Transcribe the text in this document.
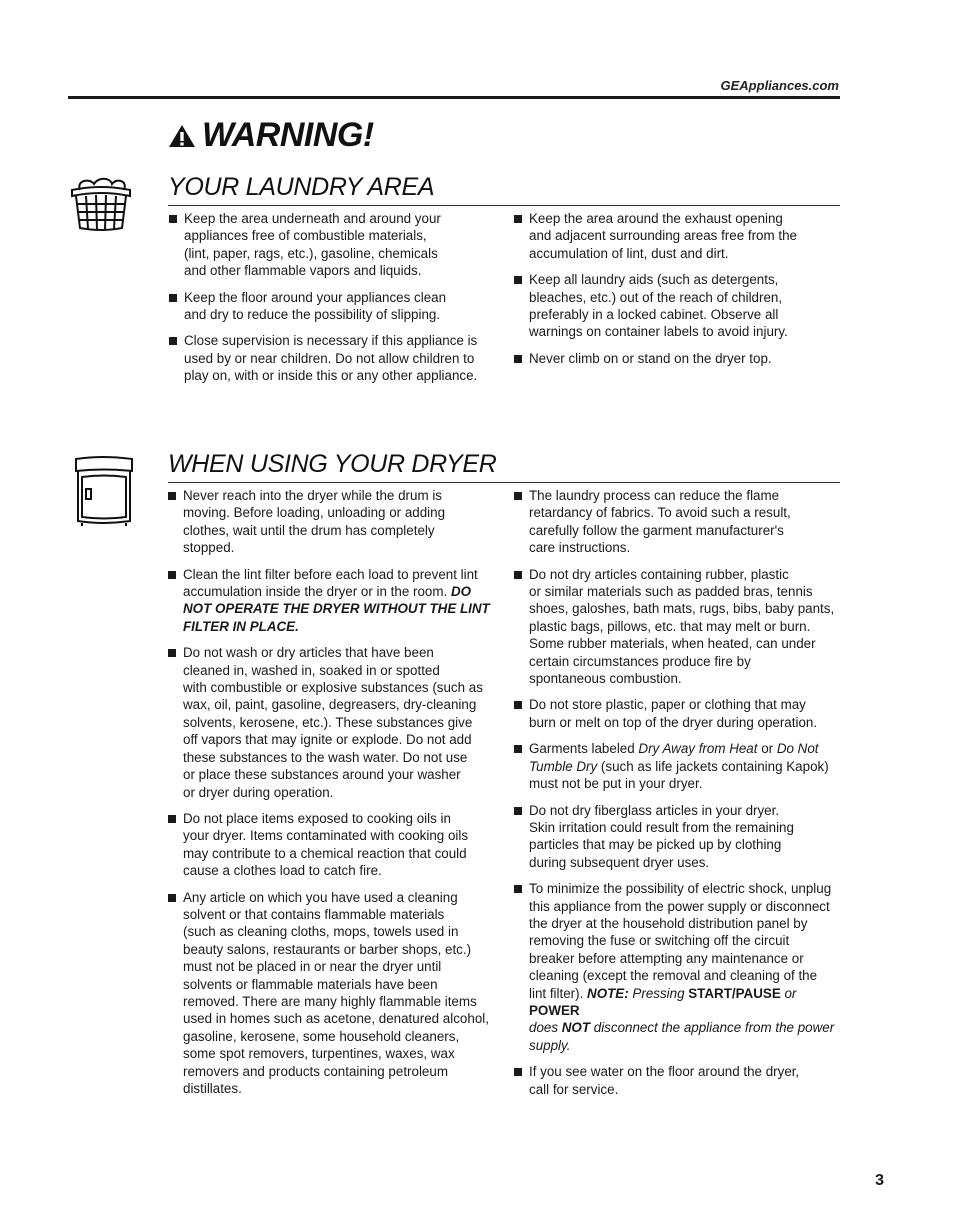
GEAppliances.com
WARNING!
YOUR LAUNDRY AREA
Keep the area underneath and around your
appliances free of combustible materials,
(lint, paper, rags, etc.), gasoline, chemicals
and other flammable vapors and liquids.
Keep the floor around your appliances clean
and dry to reduce the possibility of slipping.
Close supervision is necessary if this appliance is
used by or near children. Do not allow children to
play on, with or inside this or any other appliance.
Keep the area around the exhaust opening
and adjacent surrounding areas free from the
accumulation of lint, dust and dirt.
Keep all laundry aids (such as detergents,
bleaches, etc.) out of the reach of children,
preferably in a locked cabinet. Observe all
warnings on container labels to avoid injury.
Never climb on or stand on the dryer top.
WHEN USING YOUR DRYER
Never reach into the dryer while the drum is
moving. Before loading, unloading or adding
clothes, wait until the drum has completely
stopped.
Clean the lint filter before each load to prevent lint
accumulation inside the dryer or in the room. DO
NOT OPERATE THE DRYER WITHOUT THE LINT
FILTER IN PLACE.
Do not wash or dry articles that have been
cleaned in, washed in, soaked in or spotted
with combustible or explosive substances (such as
wax, oil, paint, gasoline, degreasers, dry-cleaning
solvents, kerosene, etc.). These substances give
off vapors that may ignite or explode. Do not add
these substances to the wash water. Do not use
or place these substances around your washer
or dryer during operation.
Do not place items exposed to cooking oils in
your dryer. Items contaminated with cooking oils
may contribute to a chemical reaction that could
cause a clothes load to catch fire.
Any article on which you have used a cleaning
solvent or that contains flammable materials
(such as cleaning cloths, mops, towels used in
beauty salons, restaurants or barber shops, etc.)
must not be placed in or near the dryer until
solvents or flammable materials have been
removed. There are many highly flammable items
used in homes such as acetone, denatured alcohol,
gasoline, kerosene, some household cleaners,
some spot removers, turpentines, waxes, wax
removers and products containing petroleum
distillates.
The laundry process can reduce the flame
retardancy of fabrics. To avoid such a result,
carefully follow the garment manufacturer's
care instructions.
Do not dry articles containing rubber, plastic
or similar materials such as padded bras, tennis
shoes, galoshes, bath mats, rugs, bibs, baby pants,
plastic bags, pillows, etc. that may melt or burn.
Some rubber materials, when heated, can under
certain circumstances produce fire by
spontaneous combustion.
Do not store plastic, paper or clothing that may
burn or melt on top of the dryer during operation.
Garments labeled Dry Away from Heat or Do Not
Tumble Dry (such as life jackets containing Kapok)
must not be put in your dryer.
Do not dry fiberglass articles in your dryer.
Skin irritation could result from the remaining
particles that may be picked up by clothing
during subsequent dryer uses.
To minimize the possibility of electric shock, unplug
this appliance from the power supply or disconnect
the dryer at the household distribution panel by
removing the fuse or switching off the circuit
breaker before attempting any maintenance or
cleaning (except the removal and cleaning of the
lint filter). NOTE: Pressing START/PAUSE or POWER
does NOT disconnect the appliance from the power
supply.
If you see water on the floor around the dryer,
call for service.
3
